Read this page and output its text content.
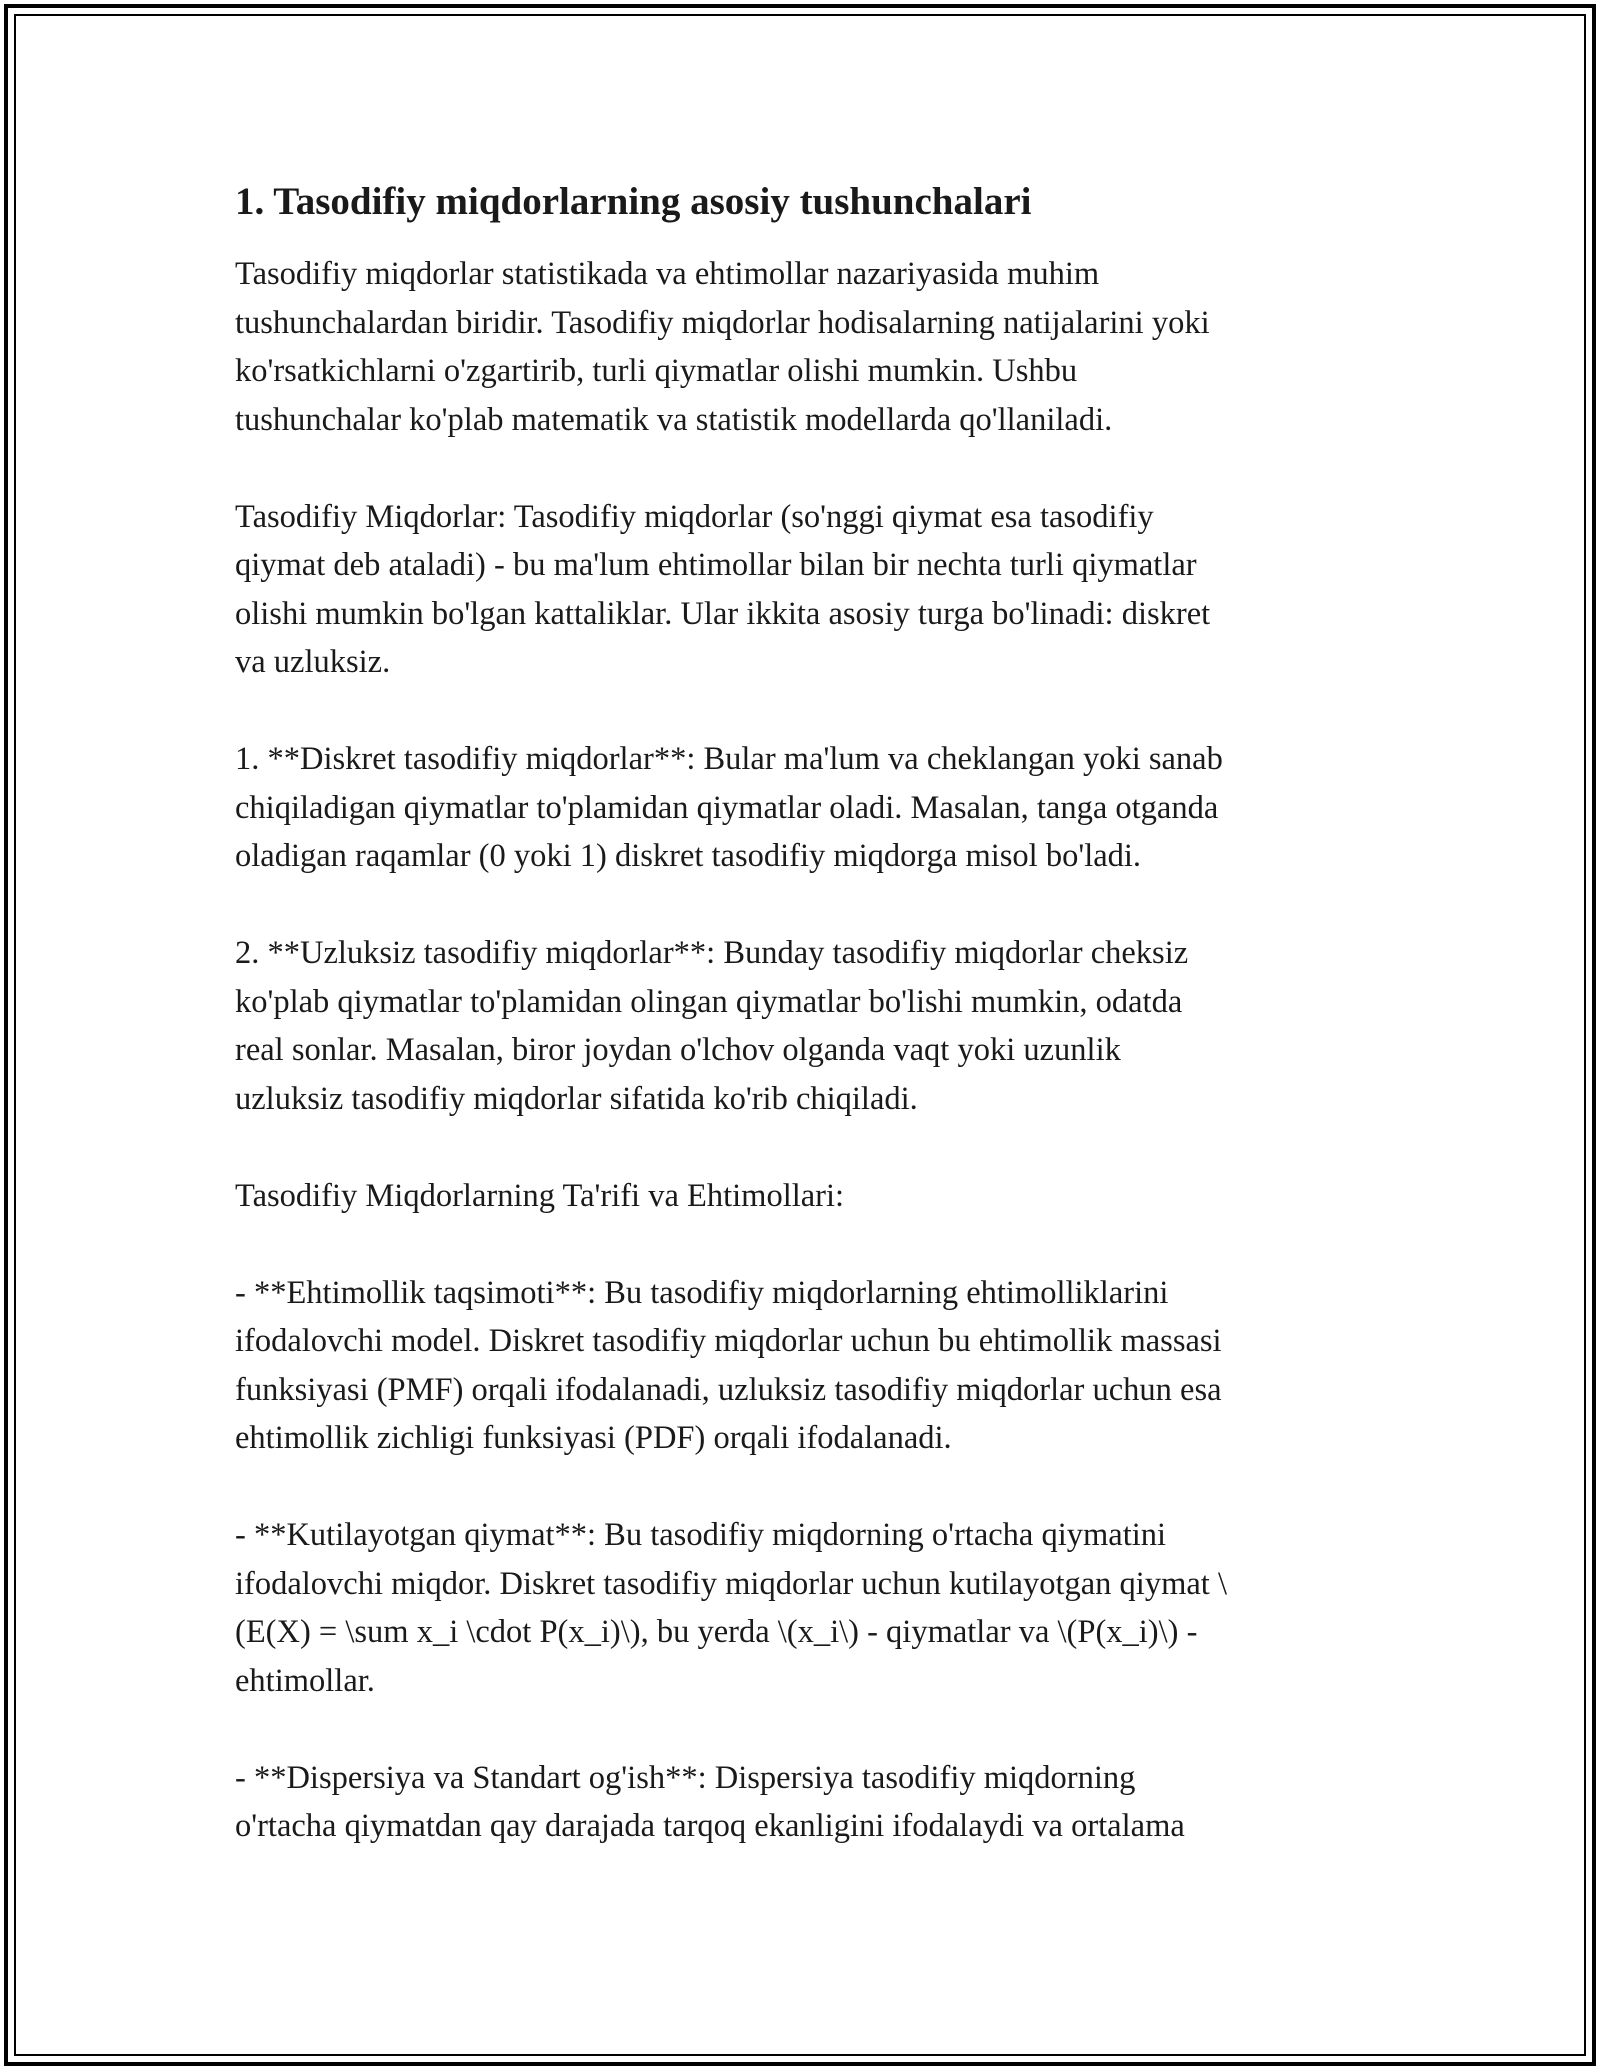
1. Tasodifiy miqdorlarning asosiy tushunchalari

Tasodifiy miqdorlar statistikada va ehtimollar nazariyasida muhim
tushunchalardan biridir. Tasodifiy miqdorlar hodisalarning natijalarini yoki
ko'rsatkichlarni o'zgartirib, turli qiymatlar olishi mumkin. Ushbu
tushunchalar ko'plab matematik va statistik modellarda qo'llaniladi.

Tasodifiy Miqdorlar: Tasodifiy miqdorlar (so'nggi qiymat esa tasodifiy
qiymat deb ataladi) - bu ma'lum ehtimollar bilan bir nechta turli qiymatlar
olishi mumkin bo'lgan kattaliklar. Ular ikkita asosiy turga bo'linadi: diskret
va uzluksiz.

1. **Diskret tasodifiy miqdorlar**: Bular ma'lum va cheklangan yoki sanab
chiqiladigan qiymatlar to'plamidan qiymatlar oladi. Masalan, tanga otganda
oladigan raqamlar (0 yoki 1) diskret tasodifiy miqdorga misol bo'ladi.

2. **Uzluksiz tasodifiy miqdorlar**: Bunday tasodifiy miqdorlar cheksiz
ko'plab qiymatlar to'plamidan olingan qiymatlar bo'lishi mumkin, odatda
real sonlar. Masalan, biror joydan o'lchov olganda vaqt yoki uzunlik
uzluksiz tasodifiy miqdorlar sifatida ko'rib chiqiladi.

Tasodifiy Miqdorlarning Ta'rifi va Ehtimollari:

- **Ehtimollik taqsimoti**: Bu tasodifiy miqdorlarning ehtimolliklarini
ifodalovchi model. Diskret tasodifiy miqdorlar uchun bu ehtimollik massasi
funksiyasi (PMF) orqali ifodalanadi, uzluksiz tasodifiy miqdorlar uchun esa
ehtimollik zichligi funksiyasi (PDF) orqali ifodalanadi.

- **Kutilayotgan qiymat**: Bu tasodifiy miqdorning o'rtacha qiymatini
ifodalovchi miqdor. Diskret tasodifiy miqdorlar uchun kutilayotgan qiymat \
(E(X) = \sum x_i \cdot P(x_i)\), bu yerda \(x_i\) - qiymatlar va \(P(x_i)\) -
ehtimollar.

- **Dispersiya va Standart og'ish**: Dispersiya tasodifiy miqdorning
o'rtacha qiymatdan qay darajada tarqoq ekanligini ifodalaydi va ortalama
